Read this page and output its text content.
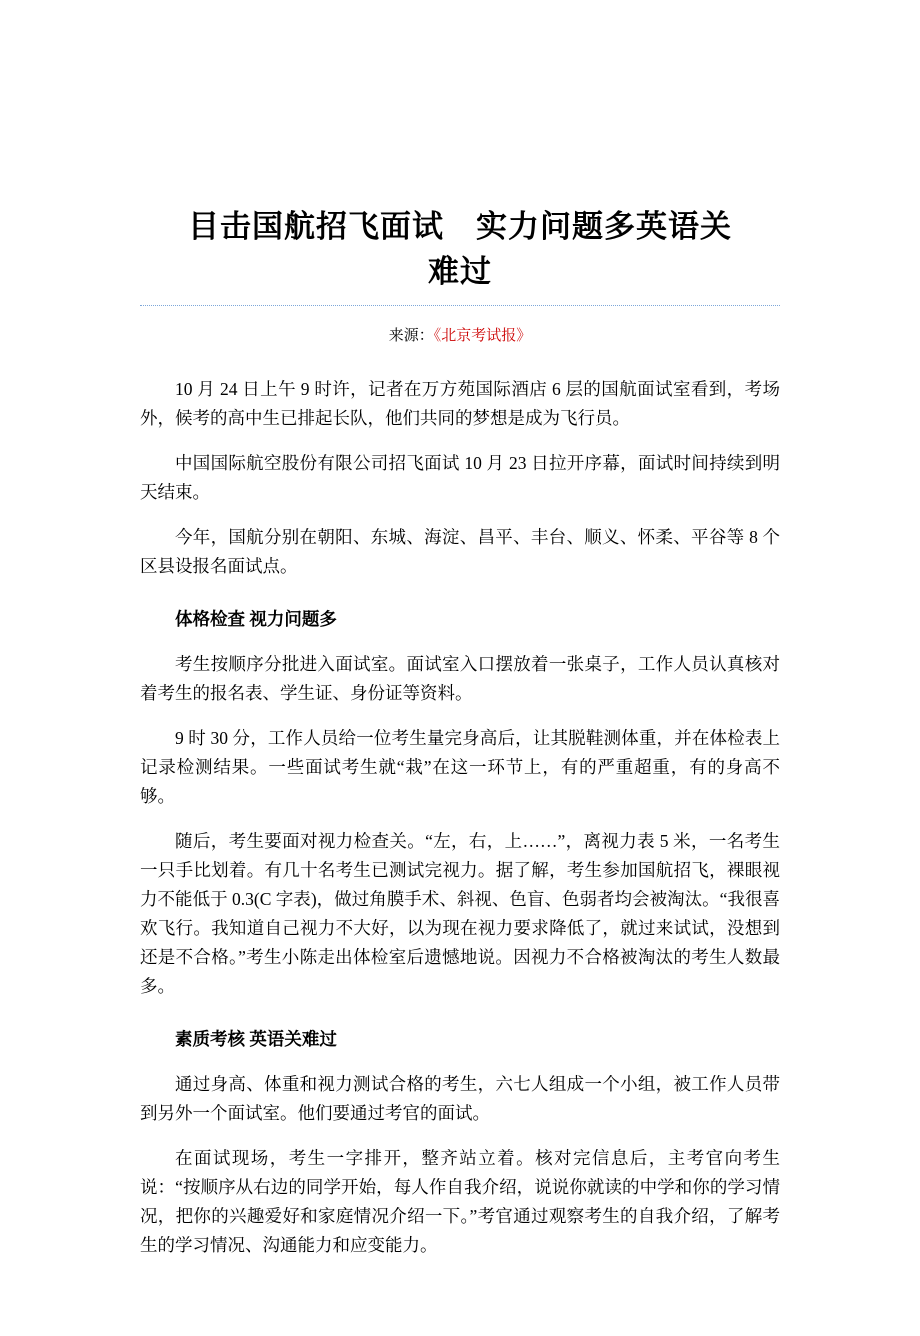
目击国航招飞面试　实力问题多英语关
难过
来源：《北京考试报》

10 月 24 日上午 9 时许，记者在万方苑国际酒店 6 层的国航面试室看到，考场外，候考的高中生已排起长队，他们共同的梦想是成为飞行员。

中国国际航空股份有限公司招飞面试 10 月 23 日拉开序幕，面试时间持续到明天结束。

今年，国航分别在朝阳、东城、海淀、昌平、丰台、顺义、怀柔、平谷等 8 个区县设报名面试点。

体格检查 视力问题多

考生按顺序分批进入面试室。面试室入口摆放着一张桌子，工作人员认真核对着考生的报名表、学生证、身份证等资料。

9 时 30 分，工作人员给一位考生量完身高后，让其脱鞋测体重，并在体检表上记录检测结果。一些面试考生就“栽”在这一环节上，有的严重超重，有的身高不够。

随后，考生要面对视力检查关。“左，右，上……”，离视力表 5 米，一名考生一只手比划着。有几十名考生已测试完视力。据了解，考生参加国航招飞，裸眼视力不能低于 0.3(C 字表)，做过角膜手术、斜视、色盲、色弱者均会被淘汰。“我很喜欢飞行。我知道自己视力不大好，以为现在视力要求降低了，就过来试试，没想到还是不合格。”考生小陈走出体检室后遗憾地说。因视力不合格被淘汰的考生人数最多。

素质考核 英语关难过

通过身高、体重和视力测试合格的考生，六七人组成一个小组，被工作人员带到另外一个面试室。他们要通过考官的面试。

在面试现场，考生一字排开，整齐站立着。核对完信息后，主考官向考生说：“按顺序从右边的同学开始，每人作自我介绍，说说你就读的中学和你的学习情况，把你的兴趣爱好和家庭情况介绍一下。”考官通过观察考生的自我介绍，了解考生的学习情况、沟通能力和应变能力。
